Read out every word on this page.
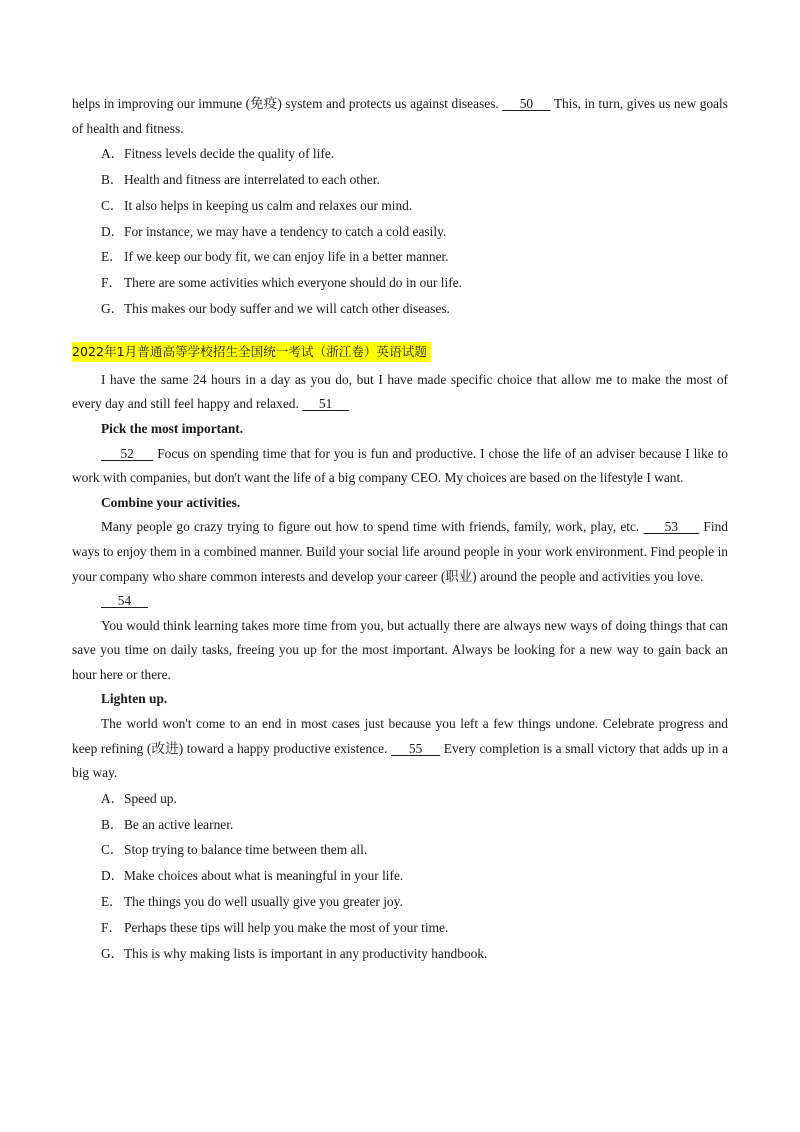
helps in improving our immune (免疫) system and protects us against diseases. 50 This, in turn, gives us new goals of health and fitness.

A．Fitness levels decide the quality of life.

B．Health and fitness are interrelated to each other.

C．It also helps in keeping us calm and relaxes our mind.

D．For instance, we may have a tendency to catch a cold easily.

E．If we keep our body fit, we can enjoy life in a better manner.

F． There are some activities which everyone should do in our life.

G．This makes our body suffer and we will catch other diseases.

2022年1月普通高等学校招生全国统一考试（浙江卷）英语试题

I have the same 24 hours in a day as you do, but I have made specific choice that allow me to make the most of every day and still feel happy and relaxed. 51

Pick the most important.

52 Focus on spending time that for you is fun and productive. I chose the life of an adviser because I like to work with companies, but don't want the life of a big company CEO. My choices are based on the lifestyle I want.

Combine your activities.

Many people go crazy trying to figure out how to spend time with friends, family, work, play, etc. 53 Find ways to enjoy them in a combined manner. Build your social life around people in your work environment. Find people in your company who share common interests and develop your career (职业) around the people and activities you love.

54

You would think learning takes more time from you, but actually there are always new ways of doing things that can save you time on daily tasks, freeing you up for the most important. Always be looking for a new way to gain back an hour here or there.

Lighten up.

The world won't come to an end in most cases just because you left a few things undone. Celebrate progress and keep refining (改进) toward a happy productive existence. 55 Every completion is a small victory that adds up in a big way.

A．Speed up.

B．Be an active learner.

C．Stop trying to balance time between them all.

D．Make choices about what is meaningful in your life.

E．The things you do well usually give you greater joy.

F． Perhaps these tips will help you make the most of your time.

G．This is why making lists is important in any productivity handbook.
